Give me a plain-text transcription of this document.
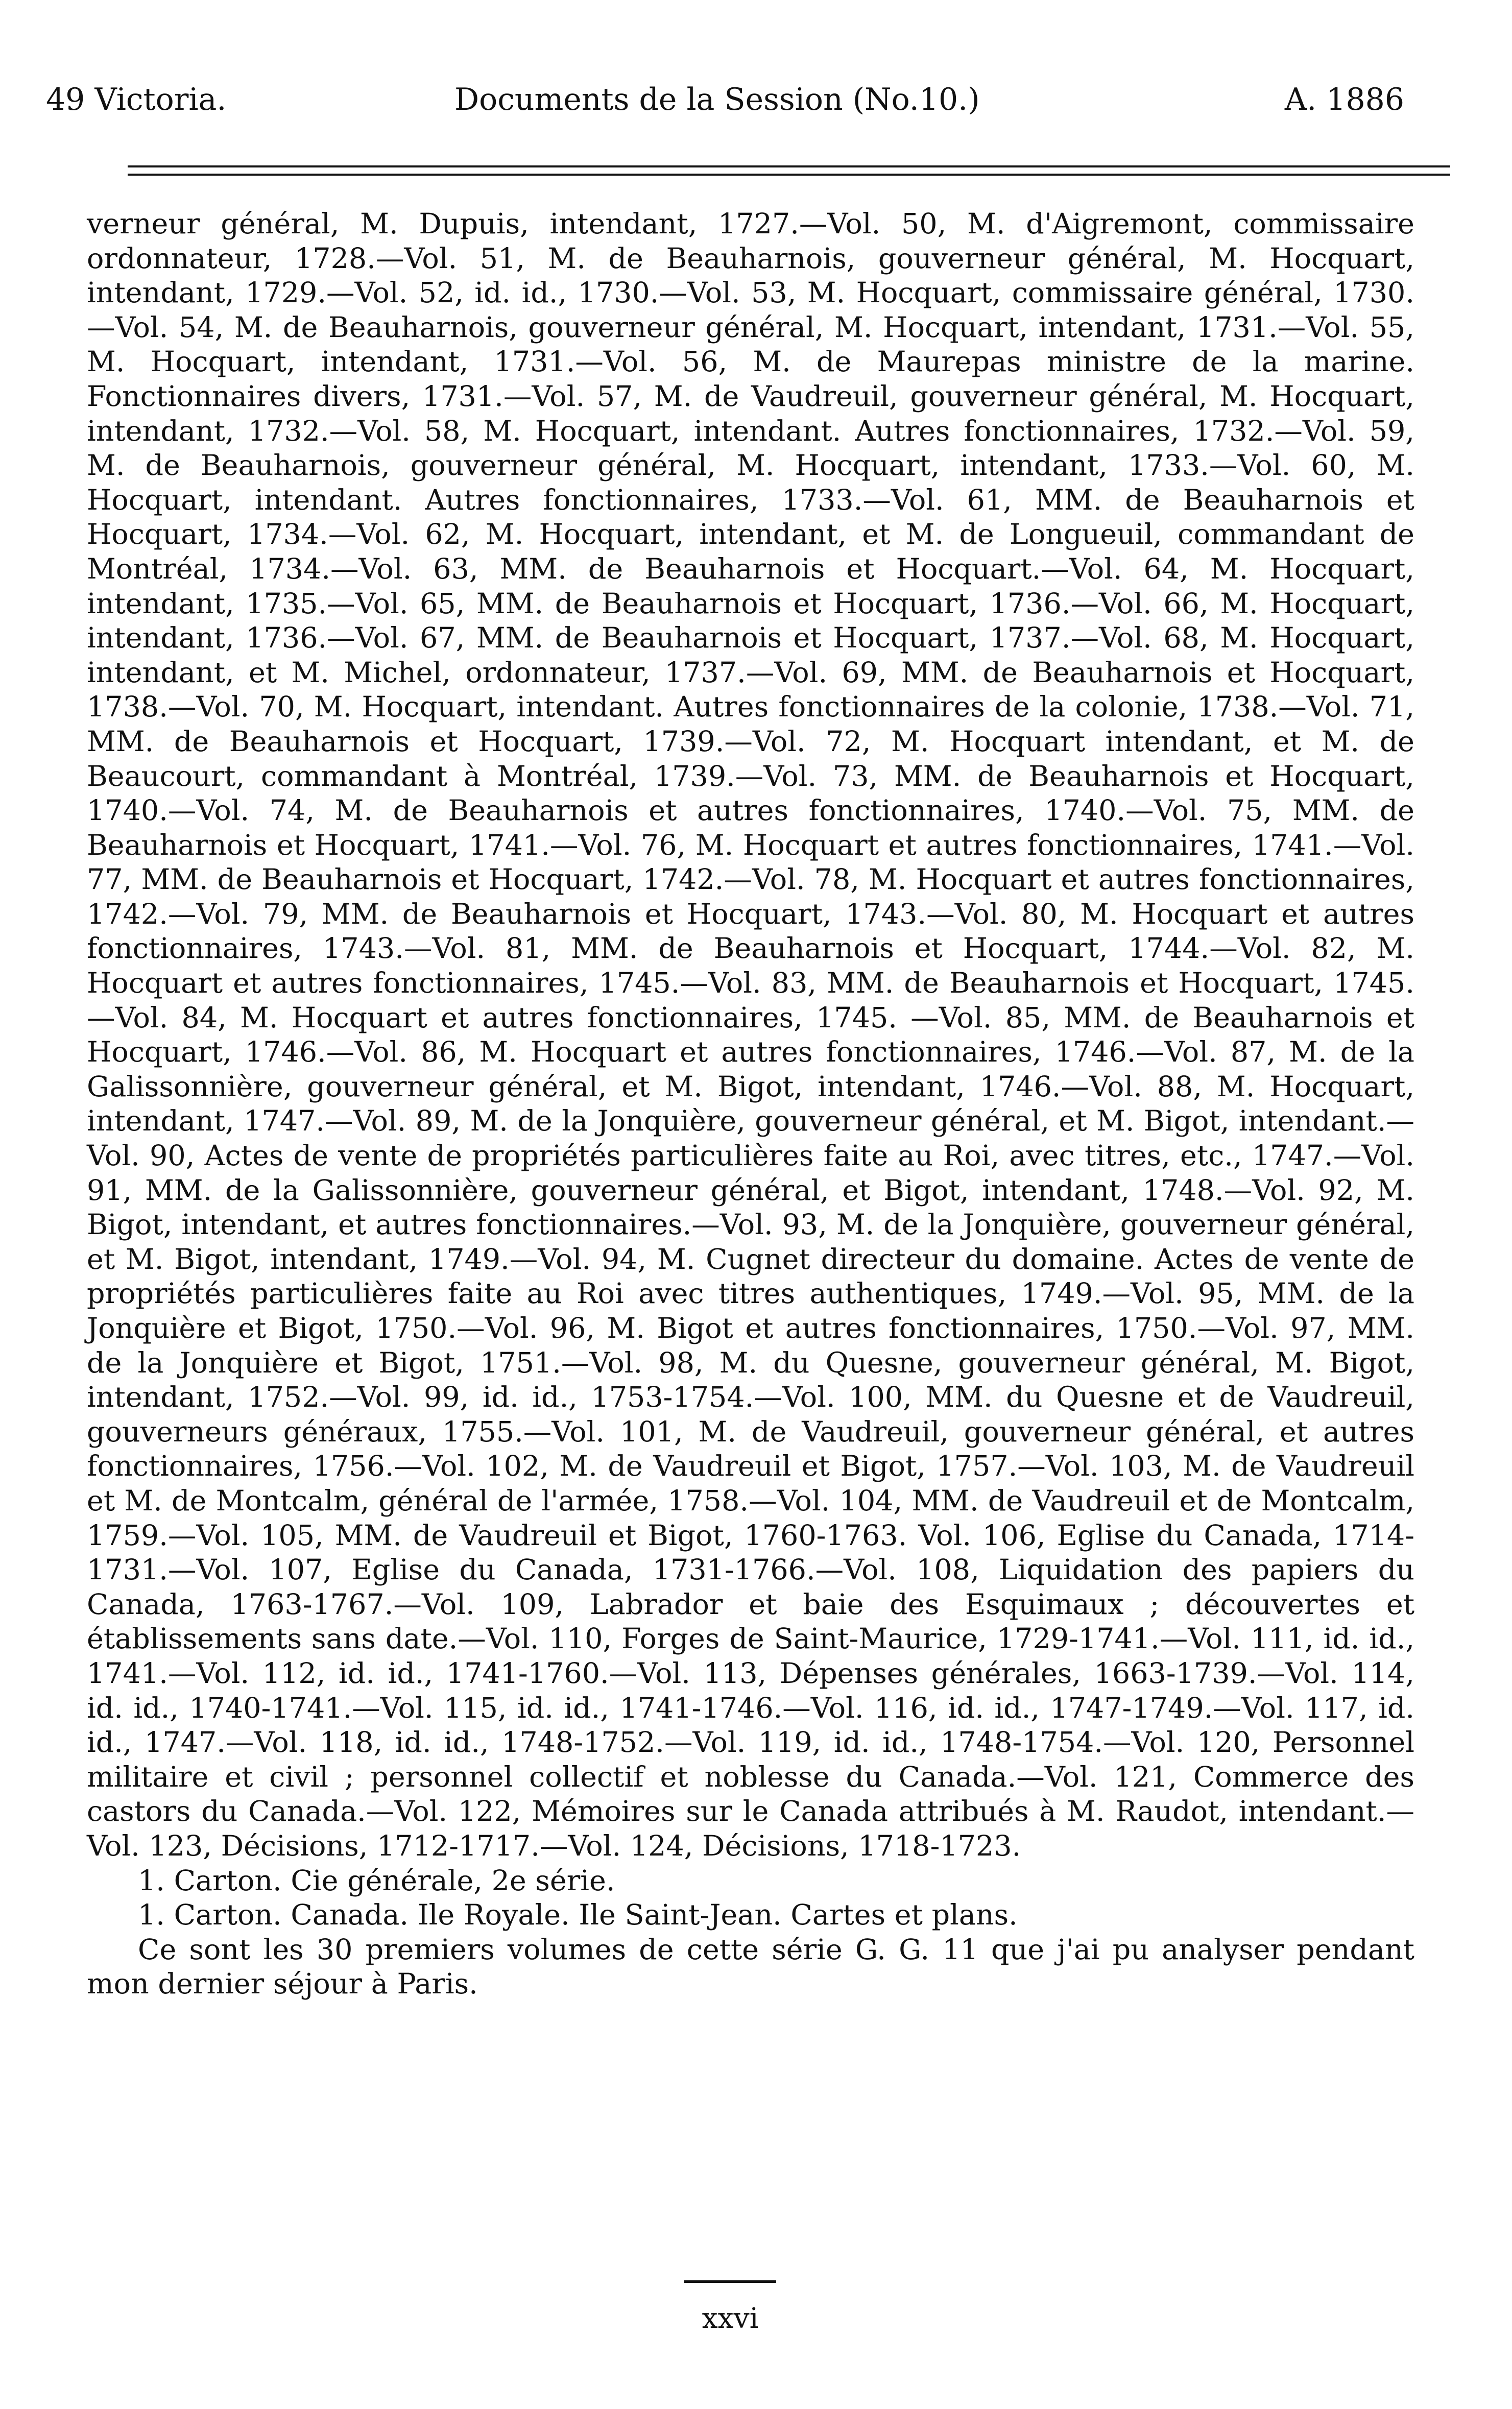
49 Victoria.	Documents de la Session (No.10.)	A. 1886

verneur général, M. Dupuis, intendant, 1727.—Vol. 50, M. d'Aigremont, commissaire ordonnateur, 1728.—Vol. 51, M. de Beauharnois, gouverneur général, M. Hocquart, intendant, 1729.—Vol. 52, id. id., 1730.—Vol. 53, M. Hocquart, commissaire général, 1730.—Vol. 54, M. de Beauharnois, gouverneur général, M. Hocquart, intendant, 1731.—Vol. 55, M. Hocquart, intendant, 1731.—Vol. 56, M. de Maurepas ministre de la marine. Fonctionnaires divers, 1731.—Vol. 57, M. de Vaudreuil, gouverneur général, M. Hocquart, intendant, 1732.—Vol. 58, M. Hocquart, intendant. Autres fonctionnaires, 1732.—Vol. 59, M. de Beauharnois, gouverneur général, M. Hocquart, intendant, 1733.—Vol. 60, M. Hocquart, intendant. Autres fonctionnaires, 1733.—Vol. 61, MM. de Beauharnois et Hocquart, 1734.—Vol. 62, M. Hocquart, intendant, et M. de Longueuil, commandant de Montréal, 1734.—Vol. 63, MM. de Beauharnois et Hocquart.—Vol. 64, M. Hocquart, intendant, 1735.—Vol. 65, MM. de Beauharnois et Hocquart, 1736.—Vol. 66, M. Hocquart, intendant, 1736.—Vol. 67, MM. de Beauharnois et Hocquart, 1737.—Vol. 68, M. Hocquart, intendant, et M. Michel, ordonnateur, 1737.—Vol. 69, MM. de Beauharnois et Hocquart, 1738.—Vol. 70, M. Hocquart, intendant. Autres fonctionnaires de la colonie, 1738.—Vol. 71, MM. de Beauharnois et Hocquart, 1739.—Vol. 72, M. Hocquart intendant, et M. de Beaucourt, commandant à Montréal, 1739.—Vol. 73, MM. de Beauharnois et Hocquart, 1740.—Vol. 74, M. de Beauharnois et autres fonctionnaires, 1740.—Vol. 75, MM. de Beauharnois et Hocquart, 1741.—Vol. 76, M. Hocquart et autres fonctionnaires, 1741.—Vol. 77, MM. de Beauharnois et Hocquart, 1742.—Vol. 78, M. Hocquart et autres fonctionnaires, 1742.—Vol. 79, MM. de Beauharnois et Hocquart, 1743.—Vol. 80, M. Hocquart et autres fonctionnaires, 1743.—Vol. 81, MM. de Beauharnois et Hocquart, 1744.—Vol. 82, M. Hocquart et autres fonctionnaires, 1745.—Vol. 83, MM. de Beauharnois et Hocquart, 1745.—Vol. 84, M. Hocquart et autres fonctionnaires, 1745. —Vol. 85, MM. de Beauharnois et Hocquart, 1746.—Vol. 86, M. Hocquart et autres fonctionnaires, 1746.—Vol. 87, M. de la Galissonnière, gouverneur général, et M. Bigot, intendant, 1746.—Vol. 88, M. Hocquart, intendant, 1747.—Vol. 89, M. de la Jonquière, gouverneur général, et M. Bigot, intendant.—Vol. 90, Actes de vente de propriétés particulières faite au Roi, avec titres, etc., 1747.—Vol. 91, MM. de la Galissonnière, gouverneur général, et Bigot, intendant, 1748.—Vol. 92, M. Bigot, intendant, et autres fonctionnaires.—Vol. 93, M. de la Jonquière, gouverneur général, et M. Bigot, intendant, 1749.—Vol. 94, M. Cugnet directeur du domaine. Actes de vente de propriétés particulières faite au Roi avec titres authentiques, 1749.—Vol. 95, MM. de la Jonquière et Bigot, 1750.—Vol. 96, M. Bigot et autres fonctionnaires, 1750.—Vol. 97, MM. de la Jonquière et Bigot, 1751.—Vol. 98, M. du Quesne, gouverneur général, M. Bigot, intendant, 1752.—Vol. 99, id. id., 1753-1754.—Vol. 100, MM. du Quesne et de Vaudreuil, gouverneurs généraux, 1755.—Vol. 101, M. de Vaudreuil, gouverneur général, et autres fonctionnaires, 1756.—Vol. 102, M. de Vaudreuil et Bigot, 1757.—Vol. 103, M. de Vaudreuil et M. de Montcalm, général de l'armée, 1758.—Vol. 104, MM. de Vaudreuil et de Montcalm, 1759.—Vol. 105, MM. de Vaudreuil et Bigot, 1760-1763. Vol. 106, Eglise du Canada, 1714-1731.—Vol. 107, Eglise du Canada, 1731-1766.—Vol. 108, Liquidation des papiers du Canada, 1763-1767.—Vol. 109, Labrador et baie des Esquimaux ; découvertes et établissements sans date.—Vol. 110, Forges de Saint-Maurice, 1729-1741.—Vol. 111, id. id., 1741.—Vol. 112, id. id., 1741-1760.—Vol. 113, Dépenses générales, 1663-1739.—Vol. 114, id. id., 1740-1741.—Vol. 115, id. id., 1741-1746.—Vol. 116, id. id., 1747-1749.—Vol. 117, id. id., 1747.—Vol. 118, id. id., 1748-1752.—Vol. 119, id. id., 1748-1754.—Vol. 120, Personnel militaire et civil ; personnel collectif et noblesse du Canada.—Vol. 121, Commerce des castors du Canada.—Vol. 122, Mémoires sur le Canada attribués à M. Raudot, intendant.—Vol. 123, Décisions, 1712-1717.—Vol. 124, Décisions, 1718-1723.

1. Carton. Cie générale, 2e série.

1. Carton. Canada. Ile Royale. Ile Saint-Jean. Cartes et plans.

Ce sont les 30 premiers volumes de cette série G. G. 11 que j'ai pu analyser pendant mon dernier séjour à Paris.

xxvi
